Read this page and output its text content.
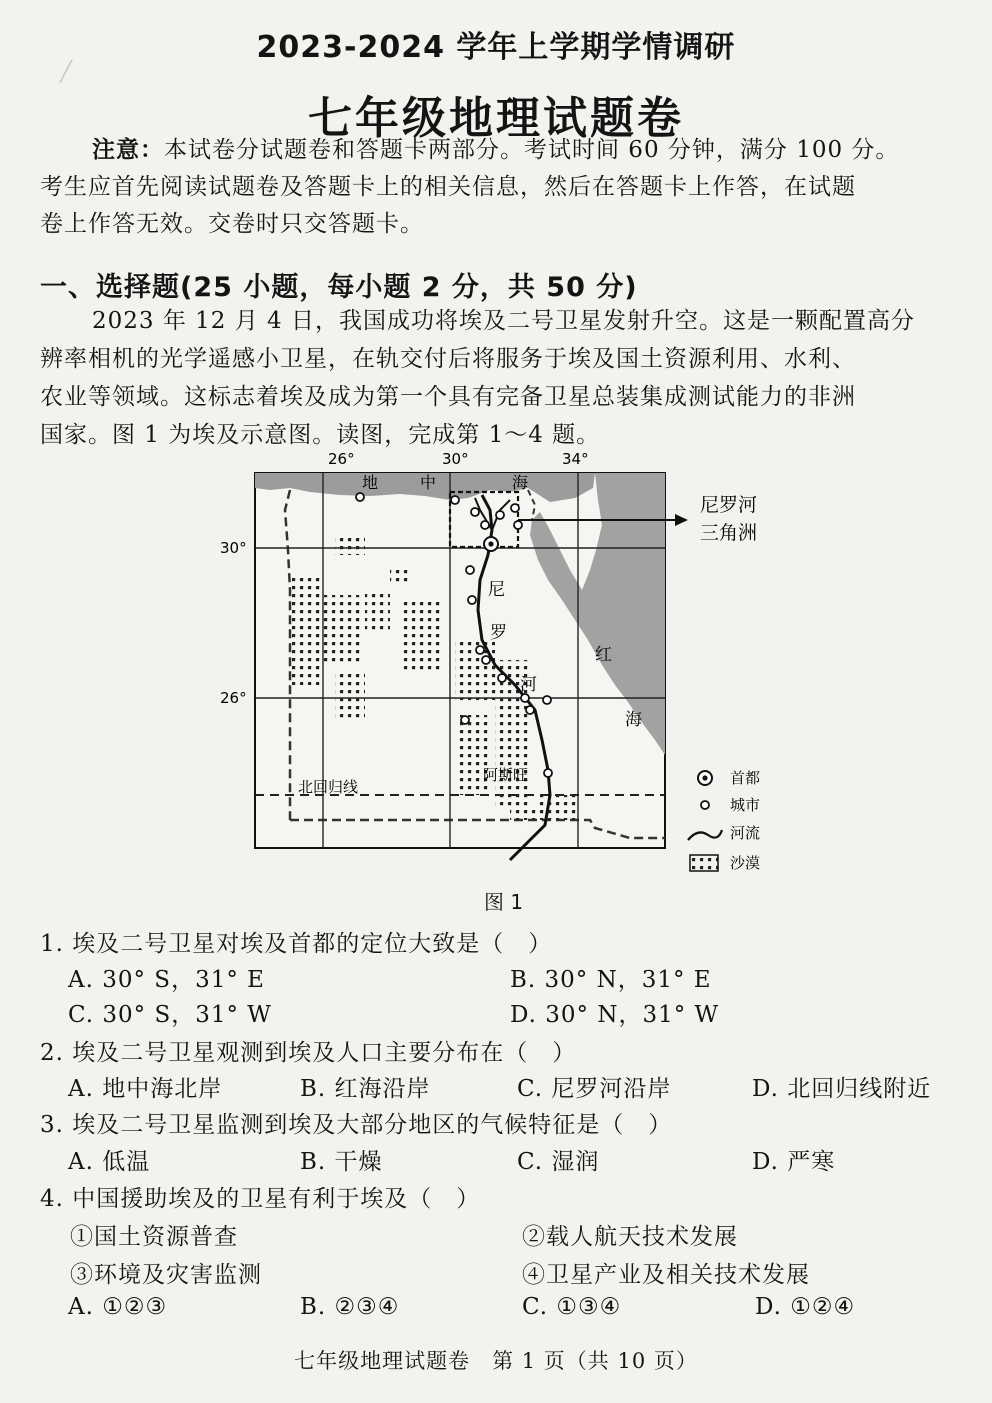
╱　　　　　　　
2023-2024 学年上学期学情调研
七年级地理试题卷
注意：本试卷分试题卷和答题卡两部分。考试时间 60 分钟，满分 100 分。
考生应首先阅读试题卷及答题卡上的相关信息，然后在答题卡上作答，在试题
卷上作答无效。交卷时只交答题卡。
一、选择题(25 小题，每小题 2 分，共 50 分)
2023 年 12 月 4 日，我国成功将埃及二号卫星发射升空。这是一颗配置高分
辨率相机的光学遥感小卫星，在轨交付后将服务于埃及国土资源利用、水利、
农业等领域。这标志着埃及成为第一个具有完备卫星总装集成测试能力的非洲
国家。图 1 为埃及示意图。读图，完成第 1～4 题。
26°	30°	34°
30°
26°
地	中	海
红
海
尼
罗
河
阿斯旺
北回归线
尼罗河
三角洲
首都
城市
河流
沙漠
图 1
1. 埃及二号卫星对埃及首都的定位大致是（　）
A. 30° S，31° E	B. 30° N，31° E
C. 30° S，31° W	D. 30° N，31° W
2. 埃及二号卫星观测到埃及人口主要分布在（　）
A. 地中海北岸	B. 红海沿岸	C. 尼罗河沿岸	D. 北回归线附近
3. 埃及二号卫星监测到埃及大部分地区的气候特征是（　）
A. 低温	B. 干燥	C. 湿润	D. 严寒
4. 中国援助埃及的卫星有利于埃及（　）
①国土资源普查	②载人航天技术发展
③环境及灾害监测	④卫星产业及相关技术发展
A. ①②③	B. ②③④	C. ①③④	D. ①②④
七年级地理试题卷　第 1 页（共 10 页）
